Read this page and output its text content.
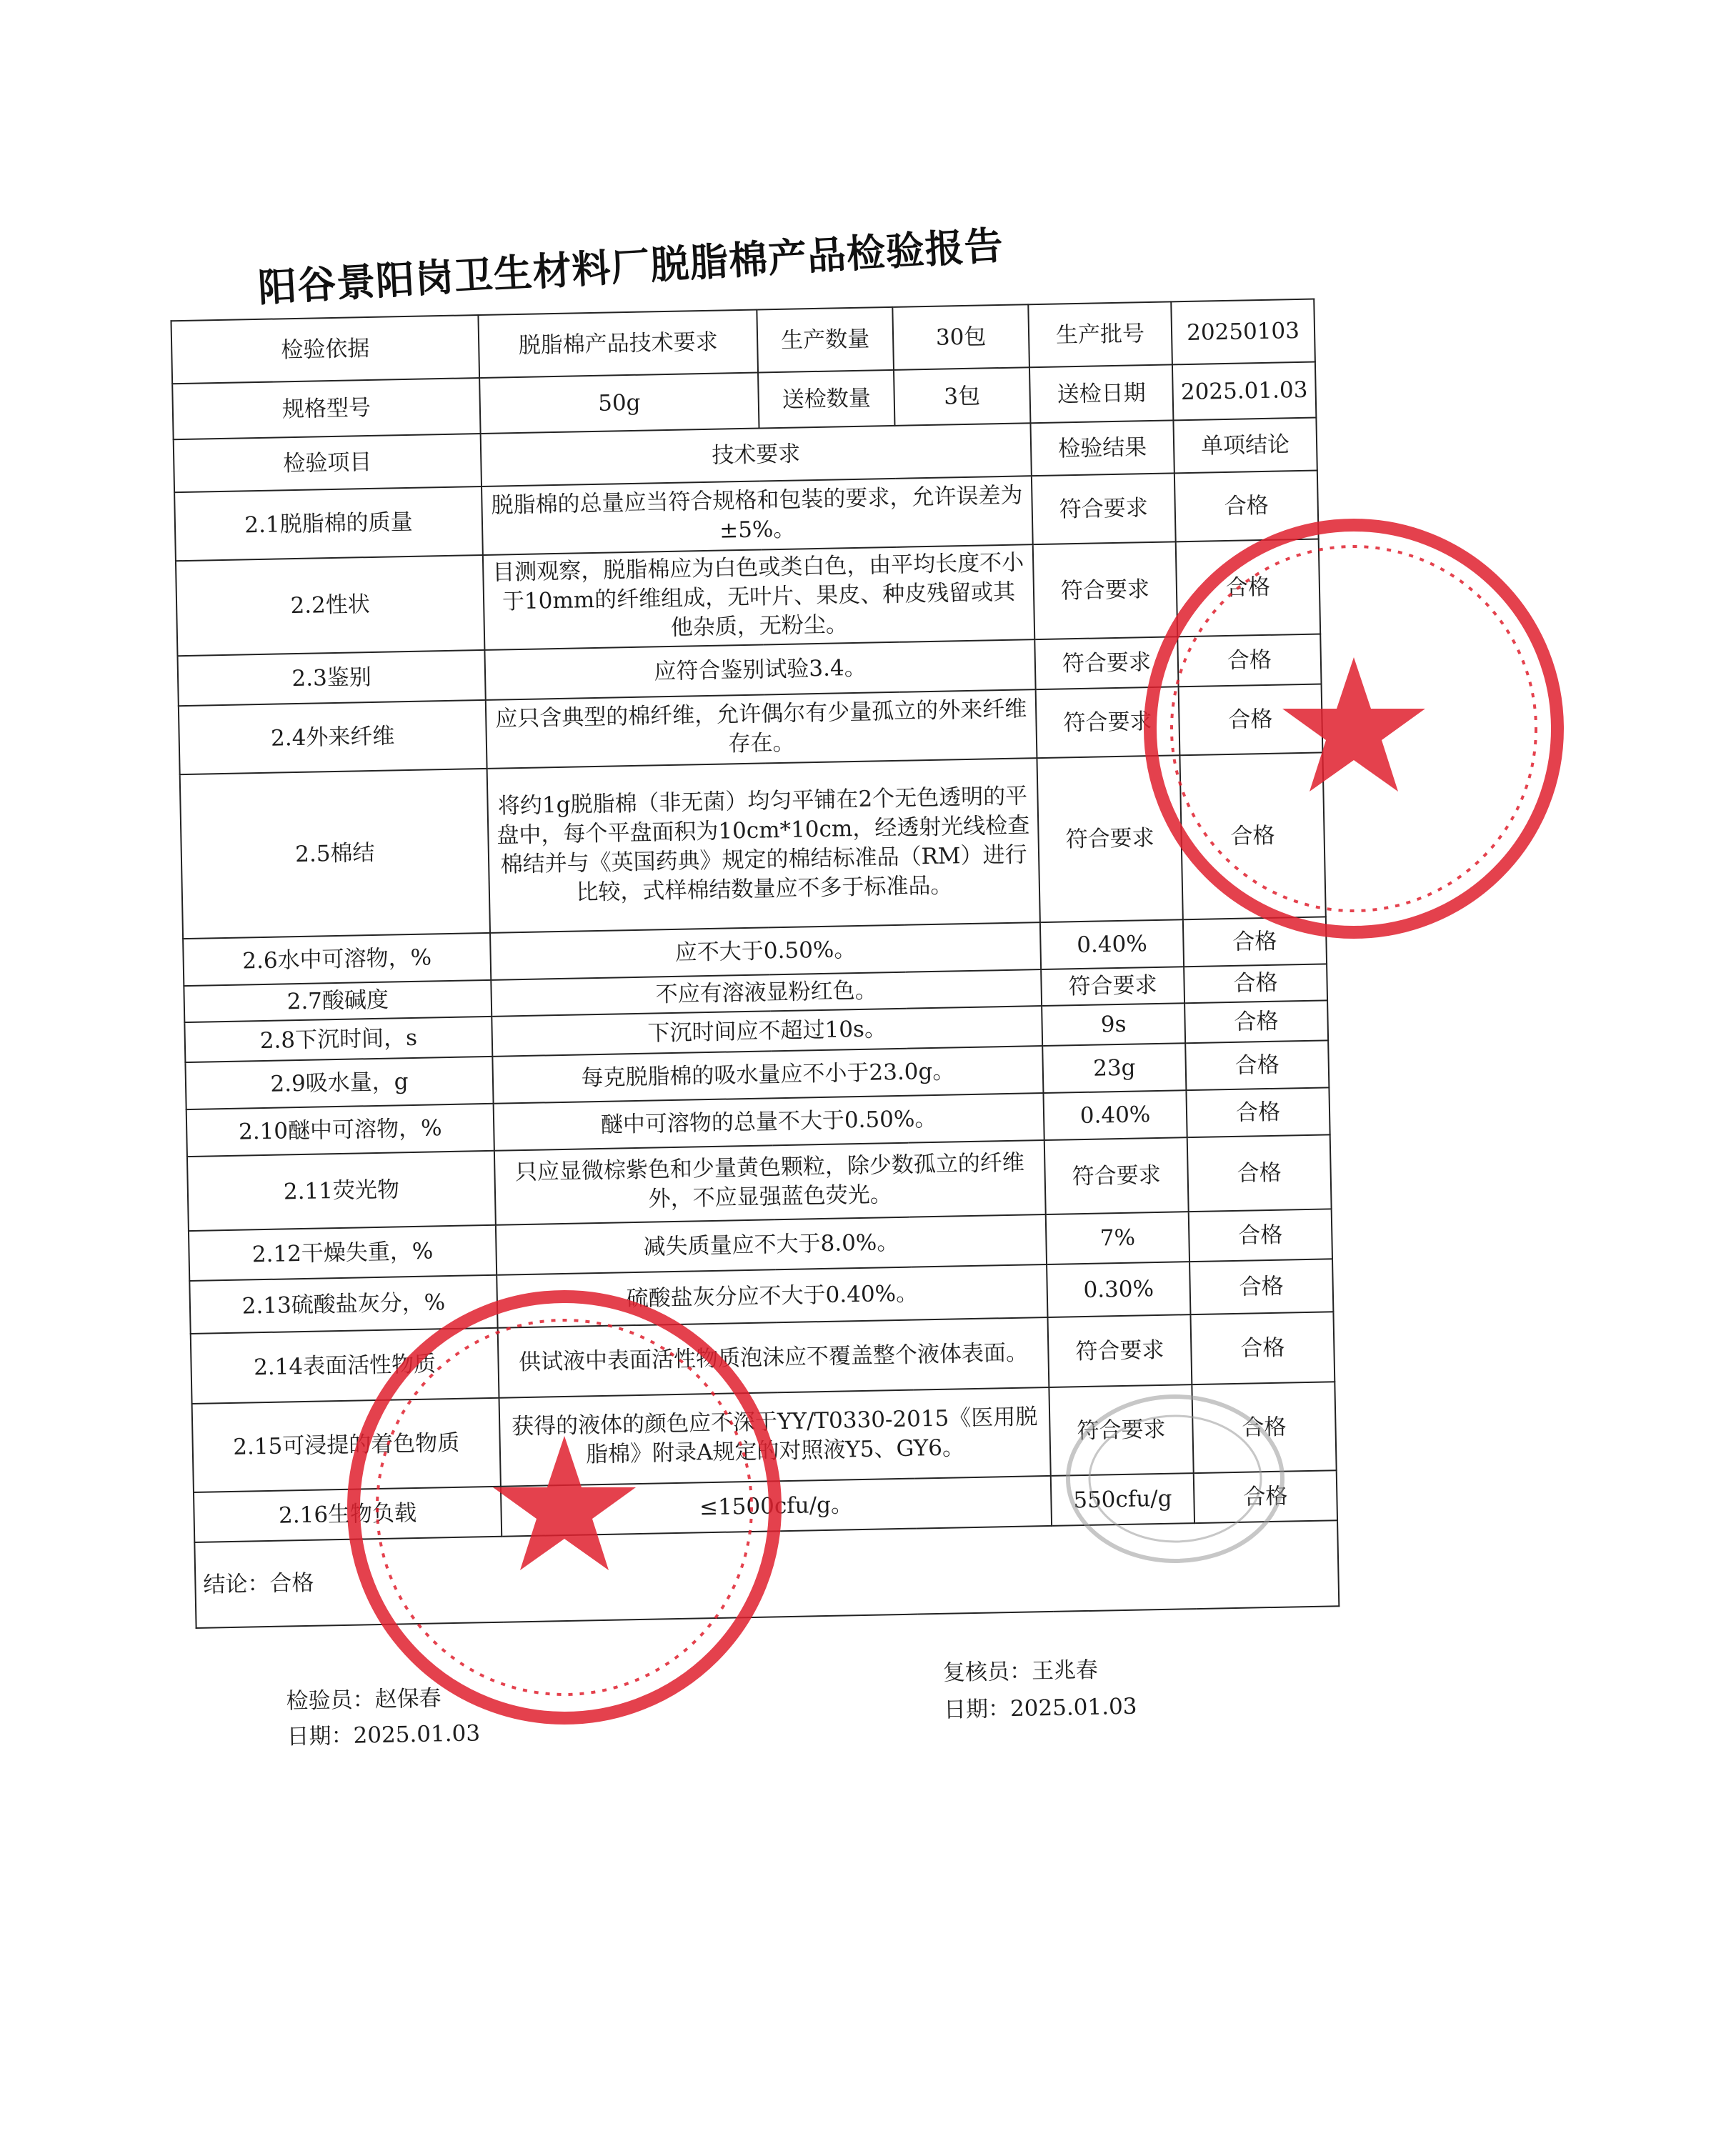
阳谷景阳岗卫生材料厂脱脂棉产品检验报告
检验依据	脱脂棉产品技术要求	生产数量	30包	生产批号	20250103
规格型号	50g	送检数量	3包	送检日期	2025.01.03
检验项目	技术要求			检验结果	单项结论
2.1脱脂棉的质量	脱脂棉的总量应当符合规格和包装的要求，允许误差为±5%。			符合要求	合格
2.2性状	目测观察，脱脂棉应为白色或类白色，由平均长度不小于10mm的纤维组成，无叶片、果皮、种皮残留或其他杂质，无粉尘。			符合要求	合格
2.3鉴别	应符合鉴别试验3.4。			符合要求	合格
2.4外来纤维	应只含典型的棉纤维，允许偶尔有少量孤立的外来纤维存在。			符合要求	合格
2.5棉结	将约1g脱脂棉（非无菌）均匀平铺在2个无色透明的平盘中，每个平盘面积为10cm*10cm，经透射光线检查棉结并与《英国药典》规定的棉结标准品（RM）进行比较，式样棉结数量应不多于标准品。			符合要求	合格
2.6水中可溶物，%	应不大于0.50%。			0.40%	合格
2.7酸碱度	不应有溶液显粉红色。			符合要求	合格
2.8下沉时间，s	下沉时间应不超过10s。			9s	合格
2.9吸水量，g	每克脱脂棉的吸水量应不小于23.0g。			23g	合格
2.10醚中可溶物，%	醚中可溶物的总量不大于0.50%。			0.40%	合格
2.11荧光物	只应显微棕紫色和少量黄色颗粒，除少数孤立的纤维外，不应显强蓝色荧光。			符合要求	合格
2.12干燥失重，%	减失质量应不大于8.0%。			7%	合格
2.13硫酸盐灰分，%	硫酸盐灰分应不大于0.40%。			0.30%	合格
2.14表面活性物质	供试液中表面活性物质泡沫应不覆盖整个液体表面。			符合要求	合格
2.15可浸提的着色物质	获得的液体的颜色应不深于YY/T0330-2015《医用脱脂棉》附录A规定的对照液Y5、GY6。			符合要求	合格
2.16生物负载	≤1500cfu/g。			550cfu/g	合格
结论：合格					
检验员：赵保春
日期：2025.01.03
复核员：王兆春
日期：2025.01.03
